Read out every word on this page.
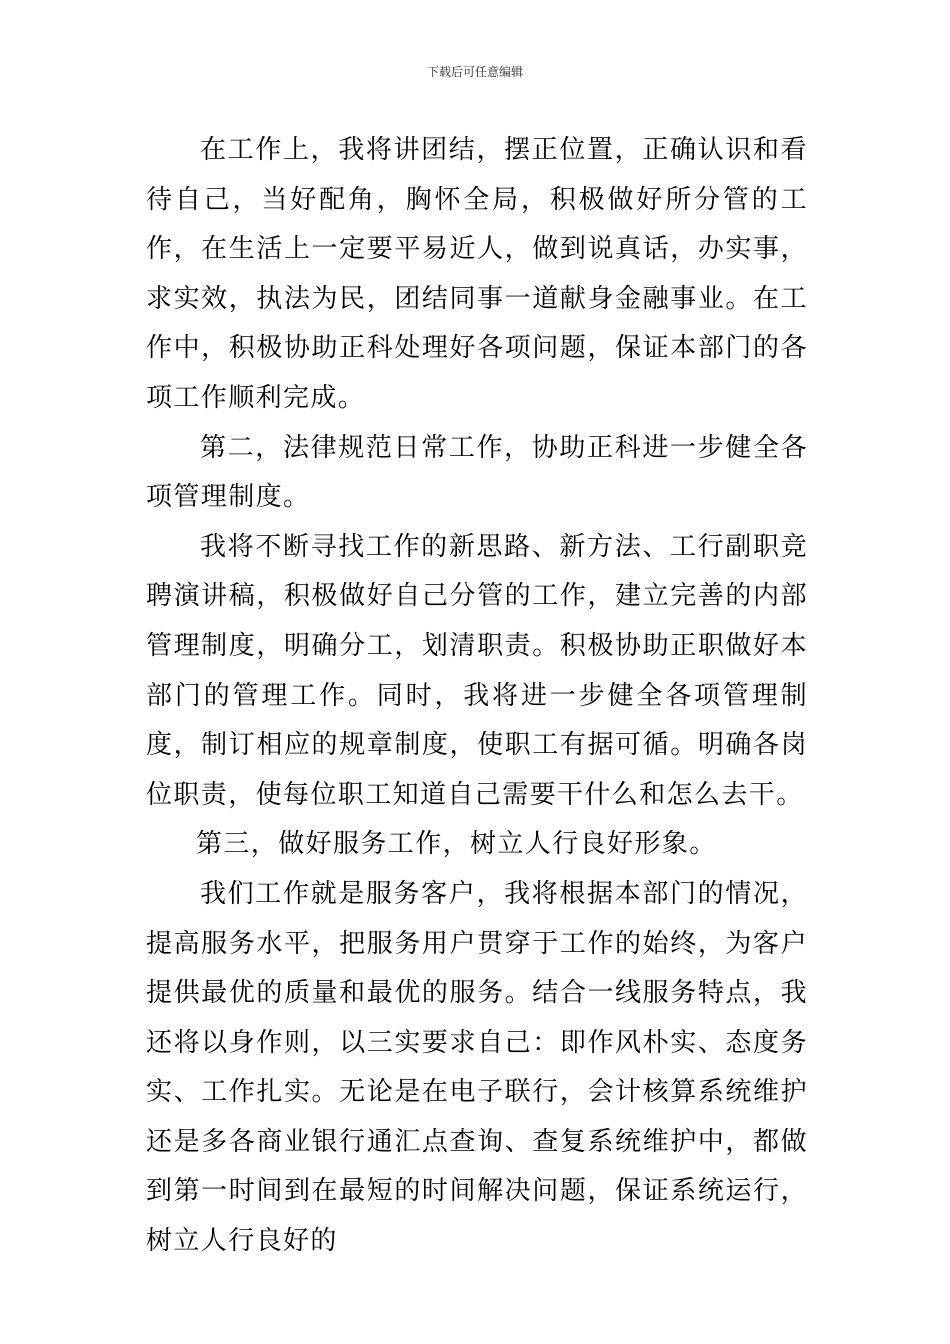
下载后可任意编辑

在工作上，我将讲团结，摆正位置，正确认识和看待自己，当好配角，胸怀全局，积极做好所分管的工作，在生活上一定要平易近人，做到说真话，办实事，求实效，执法为民，团结同事一道献身金融事业。在工作中，积极协助正科处理好各项问题，保证本部门的各项工作顺利完成。

第二，法律规范日常工作，协助正科进一步健全各项管理制度。

我将不断寻找工作的新思路、新方法、工行副职竞聘演讲稿，积极做好自己分管的工作，建立完善的内部管理制度，明确分工，划清职责。积极协助正职做好本部门的管理工作。同时，我将进一步健全各项管理制度，制订相应的规章制度，使职工有据可循。明确各岗位职责，使每位职工知道自己需要干什么和怎么去干。

第三，做好服务工作，树立人行良好形象。

我们工作就是服务客户，我将根据本部门的情况，提高服务水平，把服务用户贯穿于工作的始终，为客户提供最优的质量和最优的服务。结合一线服务特点，我还将以身作则，以三实要求自己：即作风朴实、态度务实、工作扎实。无论是在电子联行，会计核算系统维护还是多各商业银行通汇点查询、查复系统维护中，都做到第一时间到在最短的时间解决问题，保证系统运行，树立人行良好的
